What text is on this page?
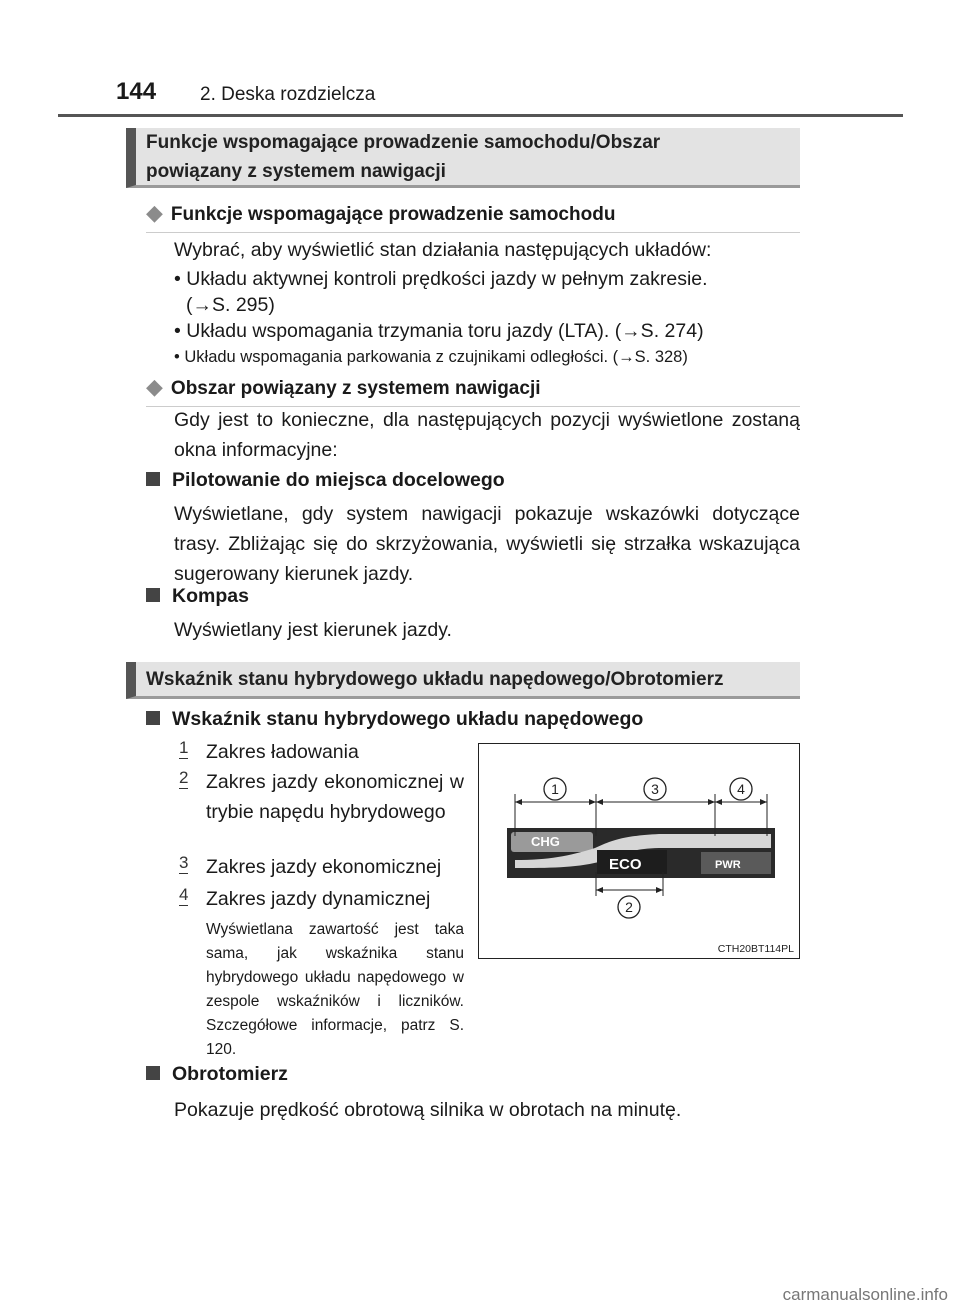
144 2. Deska rozdzielcza
Funkcje wspomagające prowadzenie samochodu/Obszar
powiązany z systemem nawigacji
◆ Funkcje wspomagające prowadzenie samochodu
Wybrać, aby wyświetlić stan działania następujących układów:
• Układu aktywnej kontroli prędkości jazdy w pełnym zakresie.
(→S. 295)
• Układu wspomagania trzymania toru jazdy (LTA). (→S. 274)
• Układu wspomagania parkowania z czujnikami odległości. (→S. 328)
◆ Obszar powiązany z systemem nawigacji
Gdy jest to konieczne, dla następujących pozycji wyświetlone zostaną okna informacyjne:
Pilotowanie do miejsca docelowego
Wyświetlane, gdy system nawigacji pokazuje wskazówki dotyczące trasy. Zbliżając się do skrzyżowania, wyświetli się strzałka wskazująca sugerowany kierunek jazdy.
Kompas
Wyświetlany jest kierunek jazdy.
Wskaźnik stanu hybrydowego układu napędowego/Obrotomierz
Wskaźnik stanu hybrydowego układu napędowego
1 Zakres ładowania
2 Zakres jazdy ekonomicznej w trybie napędu hybrydowego
3 Zakres jazdy ekonomicznej
4 Zakres jazdy dynamicznej
Wyświetlana zawartość jest taka sama, jak wskaźnika stanu hybrydowego układu napędowego w zespole wskaźników i liczników. Szczegółowe informacje, patrz S. 120.
CHG
ECO	PWR
1	3	4
2
CTH20BT114PL
Obrotomierz
Pokazuje prędkość obrotową silnika w obrotach na minutę.
carmanualsonline.info
